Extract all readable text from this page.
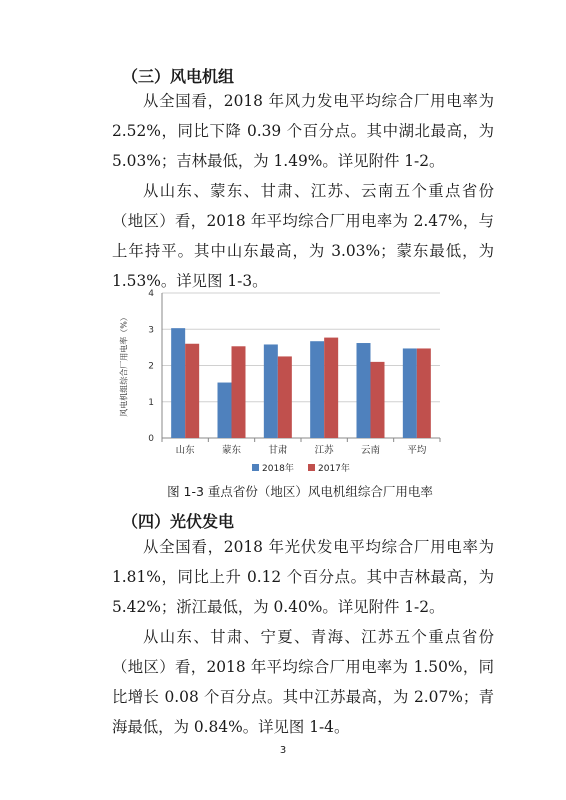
（三）风电机组

从全国看，2018 年风力发电平均综合厂用电率为 2.52%，同比下降 0.39 个百分点。其中湖北最高，为 5.03%；吉林最低，为 1.49%。详见附件 1-2。

从山东、蒙东、甘肃、江苏、云南五个重点省份（地区）看，2018 年平均综合厂用电率为 2.47%，与上年持平。其中山东最高，为 3.03%；蒙东最低，为 1.53%。详见图 1-3。

风电机组综合厂用电率（%）
0
1
2
3
4
山东	蒙东	甘肃	江苏	云南	平均
2018年	2017年
图 1-3 重点省份（地区）风电机组综合厂用电率
（四）光伏发电

从全国看，2018 年光伏发电平均综合厂用电率为 1.81%，同比上升 0.12 个百分点。其中吉林最高，为 5.42%；浙江最低，为 0.40%。详见附件 1-2。

从山东、甘肃、宁夏、青海、江苏五个重点省份（地区）看，2018 年平均综合厂用电率为 1.50%，同比增长 0.08 个百分点。其中江苏最高，为 2.07%；青海最低，为 0.84%。详见图 1-4。

3
